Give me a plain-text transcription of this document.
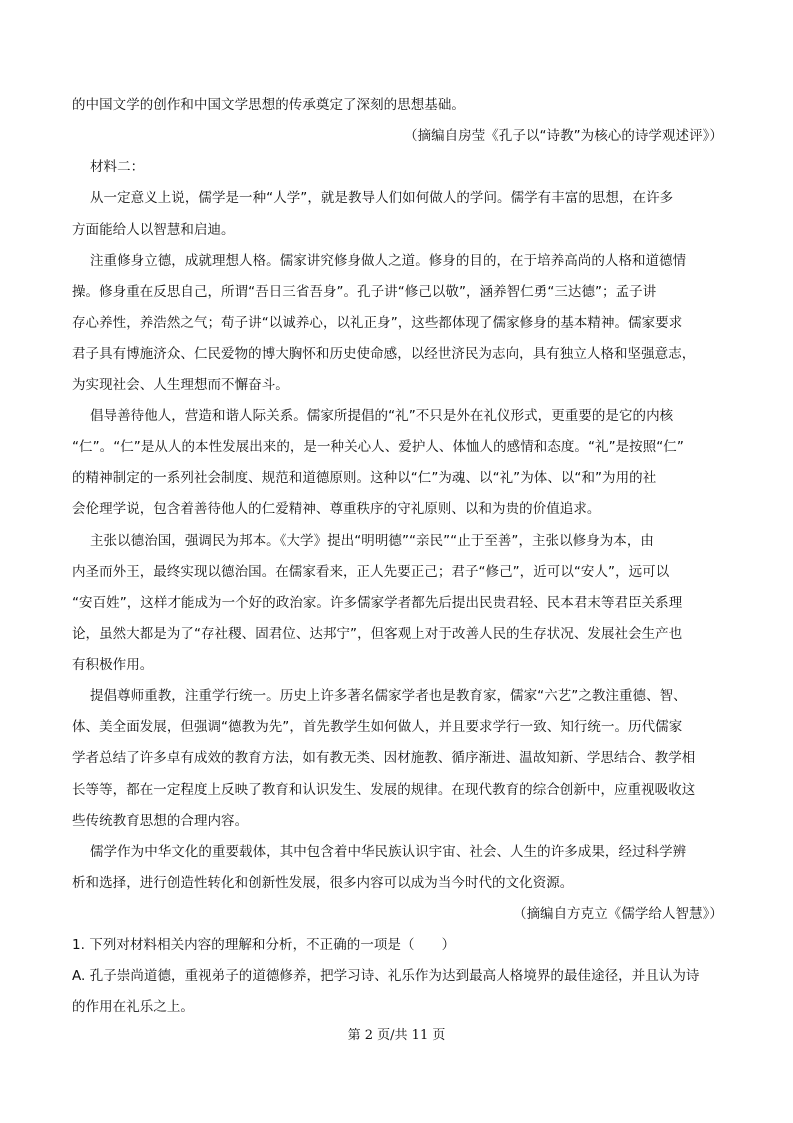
的中国文学的创作和中国文学思想的传承奠定了深刻的思想基础。
（摘编自房莹《孔子以“诗教”为核心的诗学观述评》）
材料二：
从一定意义上说，儒学是一种“人学”，就是教导人们如何做人的学问。儒学有丰富的思想，在许多
方面能给人以智慧和启迪。
注重修身立德，成就理想人格。儒家讲究修身做人之道。修身的目的，在于培养高尚的人格和道德情
操。修身重在反思自己，所谓“吾日三省吾身”。孔子讲“修己以敬”，涵养智仁勇“三达德”；孟子讲
存心养性，养浩然之气；荀子讲“以诚养心，以礼正身”，这些都体现了儒家修身的基本精神。儒家要求
君子具有博施济众、仁民爱物的博大胸怀和历史使命感，以经世济民为志向，具有独立人格和坚强意志，
为实现社会、人生理想而不懈奋斗。
倡导善待他人，营造和谐人际关系。儒家所提倡的“礼”不只是外在礼仪形式，更重要的是它的内核
“仁”。“仁”是从人的本性发展出来的，是一种关心人、爱护人、体恤人的感情和态度。“礼”是按照“仁”
的精神制定的一系列社会制度、规范和道德原则。这种以“仁”为魂、以“礼”为体、以“和”为用的社
会伦理学说，包含着善待他人的仁爱精神、尊重秩序的守礼原则、以和为贵的价值追求。
主张以德治国，强调民为邦本。《大学》提出“明明德”“亲民”“止于至善”，主张以修身为本，由
内圣而外王，最终实现以德治国。在儒家看来，正人先要正己；君子“修己”，近可以“安人”，远可以
“安百姓”，这样才能成为一个好的政治家。许多儒家学者都先后提出民贵君轻、民本君末等君臣关系理
论，虽然大都是为了“存社稷、固君位、达邦宁”，但客观上对于改善人民的生存状况、发展社会生产也
有积极作用。
提倡尊师重教，注重学行统一。历史上许多著名儒家学者也是教育家，儒家“六艺”之教注重德、智、
体、美全面发展，但强调“德教为先”，首先教学生如何做人，并且要求学行一致、知行统一。历代儒家
学者总结了许多卓有成效的教育方法，如有教无类、因材施教、循序渐进、温故知新、学思结合、教学相
长等等，都在一定程度上反映了教育和认识发生、发展的规律。在现代教育的综合创新中，应重视吸收这
些传统教育思想的合理内容。
儒学作为中华文化的重要载体，其中包含着中华民族认识宇宙、社会、人生的许多成果，经过科学辨
析和选择，进行创造性转化和创新性发展，很多内容可以成为当今时代的文化资源。
（摘编自方克立《儒学给人智慧》）
1. 下列对材料相关内容的理解和分析，不正确的一项是（　　）
A. 孔子崇尚道德，重视弟子的道德修养，把学习诗、礼乐作为达到最高人格境界的最佳途径，并且认为诗
的作用在礼乐之上。
第 2 页/共 11 页
